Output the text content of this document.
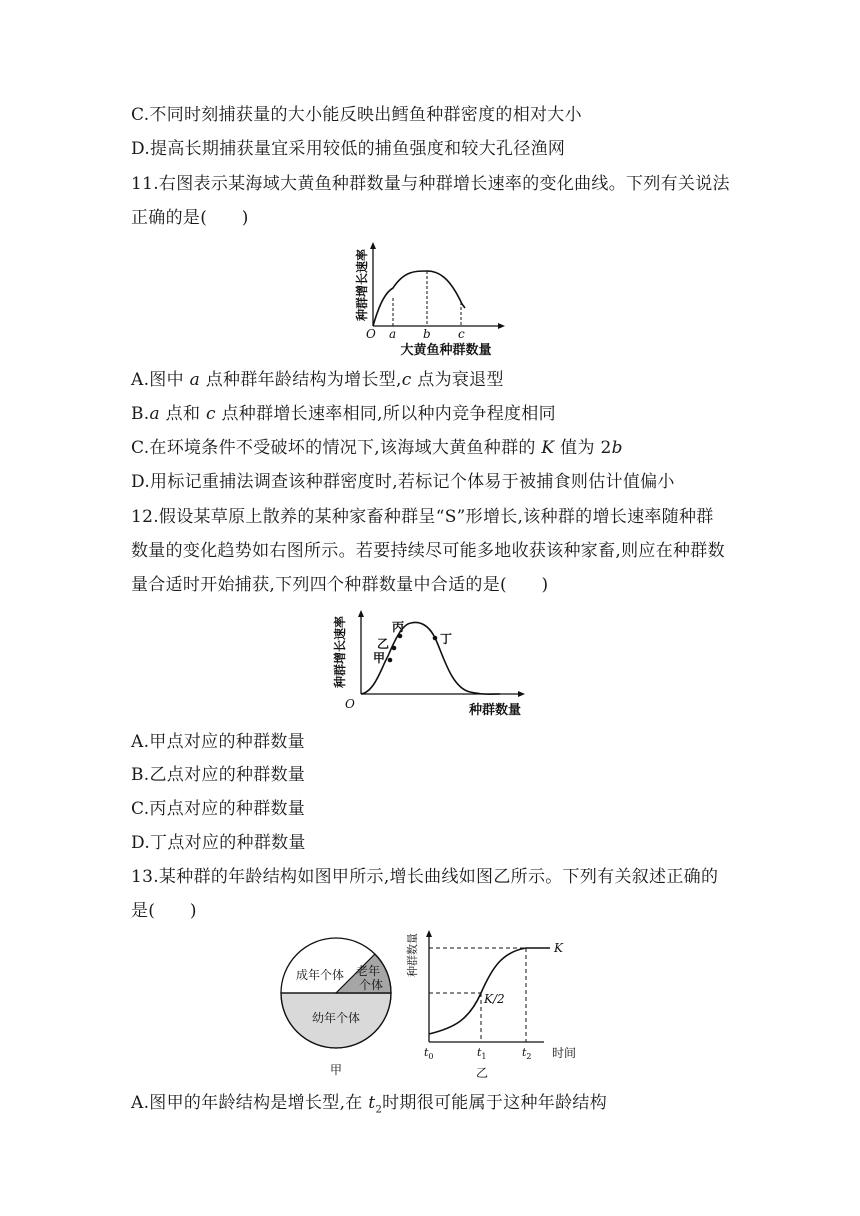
C.不同时刻捕获量的大小能反映出鳕鱼种群密度的相对大小
D.提高长期捕获量宜采用较低的捕鱼强度和较大孔径渔网
11.右图表示某海域大黄鱼种群数量与种群增长速率的变化曲线。下列有关说法
正确的是(　　)
种群增长速率
O a b c
大黄鱼种群数量
A.图中 a 点种群年龄结构为增长型,c 点为衰退型
B.a 点和 c 点种群增长速率相同,所以种内竞争程度相同
C.在环境条件不受破坏的情况下,该海域大黄鱼种群的 K 值为 2b
D.用标记重捕法调查该种群密度时,若标记个体易于被捕食则估计值偏小
12.假设某草原上散养的某种家畜种群呈“S”形增长,该种群的增长速率随种群
数量的变化趋势如右图所示。若要持续尽可能多地收获该种家畜,则应在种群数
量合适时开始捕获,下列四个种群数量中合适的是(　　)
种群增长速率 甲
乙
丙
丁
O	种群数量
A.甲点对应的种群数量
B.乙点对应的种群数量
C.丙点对应的种群数量
D.丁点对应的种群数量
13.某种群的年龄结构如图甲所示,增长曲线如图乙所示。下列有关叙述正确的
是(　　)
成年个体 老年
个体
幼年个体
甲
种群数量	K
K/2
$t_0$	$t_1$	$t_2$ 时间
乙
A.图甲的年龄结构是增长型,在 $t_2$时期很可能属于这种年龄结构
